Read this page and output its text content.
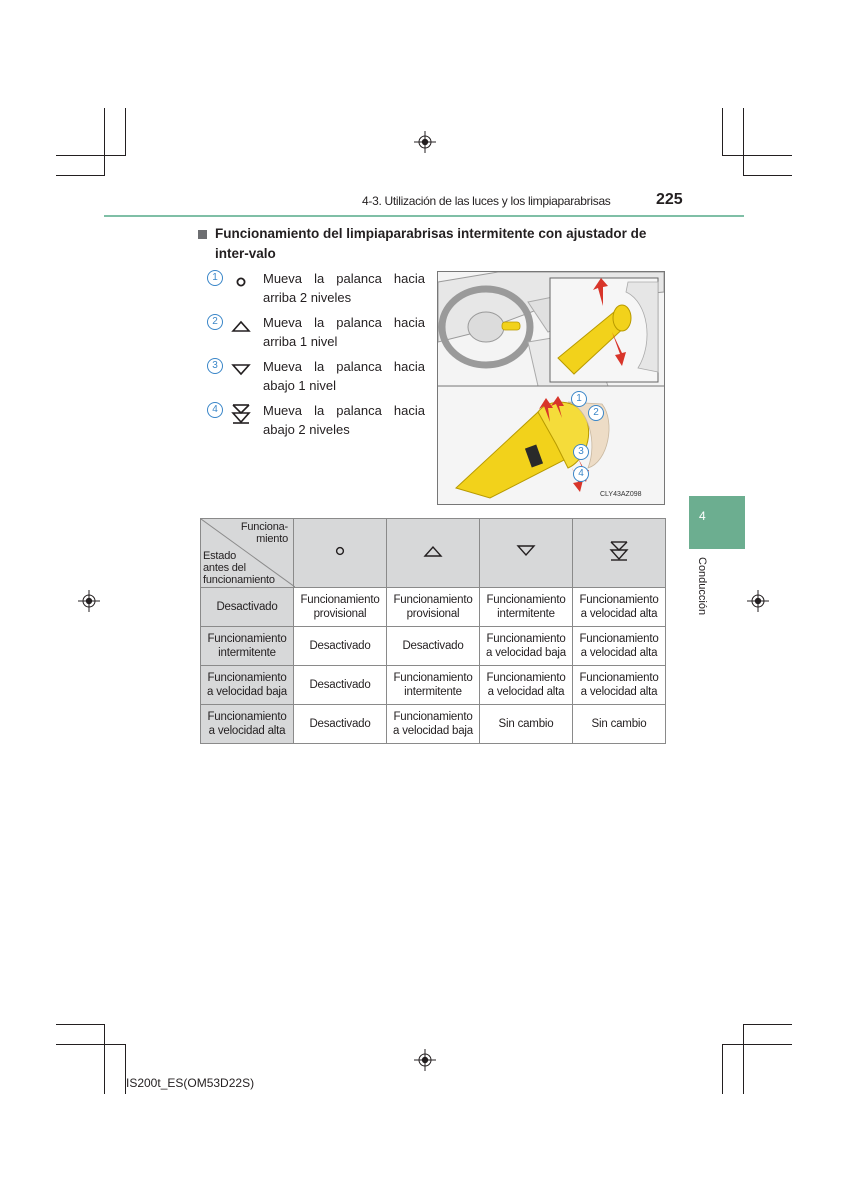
4-3. Utilización de las luces y los limpiaparabrisas	225
Funcionamiento del limpiaparabrisas intermitente con ajustador de inter-valo
1	Mueva la palanca hacia arriba 2 niveles
2	Mueva la palanca hacia arriba 1 nivel
3	Mueva la palanca hacia abajo 1 nivel
4	Mueva la palanca hacia abajo 2 niveles
1
2
3
4
CLY43AZ098
4
Conducción
Funciona-
miento
Estado
antes del
funcionamiento

Desactivado	Funcionamiento provisional	Funcionamiento provisional	Funcionamiento intermitente	Funcionamiento a velocidad alta
Funcionamiento intermitente	Desactivado	Desactivado	Funcionamiento a velocidad baja	Funcionamiento a velocidad alta
Funcionamiento a velocidad baja	Desactivado	Funcionamiento intermitente	Funcionamiento a velocidad alta	Funcionamiento a velocidad alta
Funcionamiento a velocidad alta	Desactivado	Funcionamiento a velocidad baja	Sin cambio	Sin cambio
IS200t_ES(OM53D22S)
